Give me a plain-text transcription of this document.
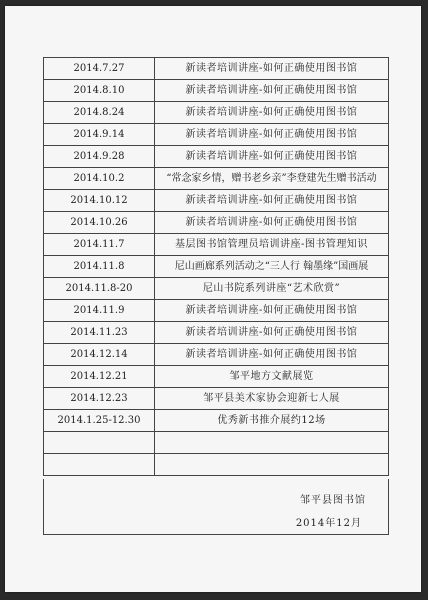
2014.7.27	新读者培训讲座-如何正确使用图书馆
2014.8.10	新读者培训讲座-如何正确使用图书馆
2014.8.24	新读者培训讲座-如何正确使用图书馆
2014.9.14	新读者培训讲座-如何正确使用图书馆
2014.9.28	新读者培训讲座-如何正确使用图书馆
2014.10.2	“常念家乡情，赠书老乡亲”李登建先生赠书活动
2014.10.12	新读者培训讲座-如何正确使用图书馆
2014.10.26	新读者培训讲座-如何正确使用图书馆
2014.11.7	基层图书馆管理员培训讲座-图书管理知识
2014.11.8	尼山画廊系列活动之“三人行 翰墨缘”国画展
2014.11.8-20	尼山书院系列讲座“艺术欣赏”
2014.11.9	新读者培训讲座-如何正确使用图书馆
2014.11.23	新读者培训讲座-如何正确使用图书馆
2014.12.14	新读者培训讲座-如何正确使用图书馆
2014.12.21	邹平地方文献展览
2014.12.23	邹平县美术家协会迎新七人展
2014.1.25-12.30	优秀新书推介展约12场

邹平县图书馆
2014年12月
